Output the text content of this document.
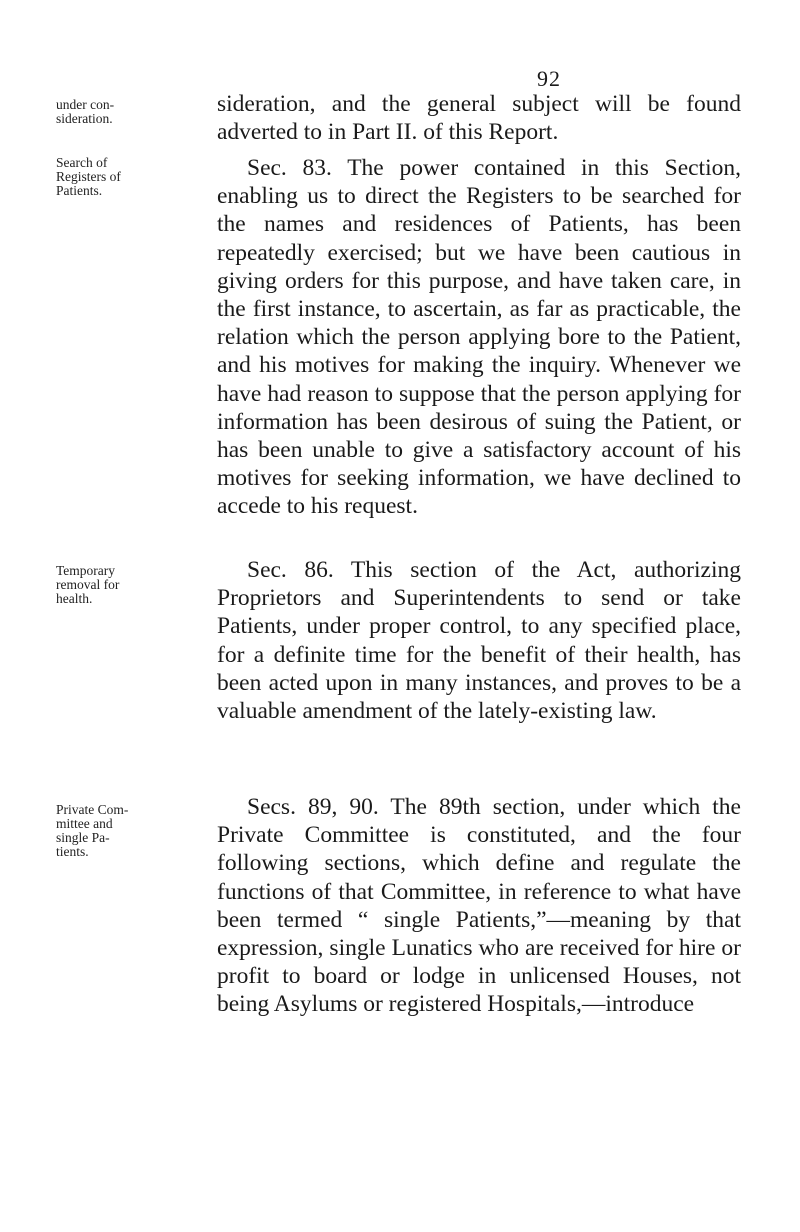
92
under con-
sideration.
Search of
Registers of
Patients.
Temporary
removal for
health.
Private Com-
mittee and
single Pa-
tients.

sideration, and the general subject will be found adverted to in Part II. of this Report.

Sec. 83. The power contained in this Section, enabling us to direct the Registers to be searched for the names and residences of Patients, has been repeatedly exercised; but we have been cautious in giving orders for this purpose, and have taken care, in the first instance, to ascertain, as far as practicable, the relation which the person applying bore to the Patient, and his motives for making the inquiry. Whenever we have had reason to suppose that the person applying for information has been desirous of suing the Patient, or has been unable to give a satisfactory account of his motives for seeking information, we have declined to accede to his request.

Sec. 86. This section of the Act, authorizing Proprietors and Superintendents to send or take Patients, under proper control, to any specified place, for a definite time for the benefit of their health, has been acted upon in many instances, and proves to be a valuable amendment of the lately-existing law.

Secs. 89, 90. The 89th section, under which the Private Committee is constituted, and the four following sections, which define and regulate the functions of that Committee, in reference to what have been termed “ single Patients,”—meaning by that expression, single Lunatics who are received for hire or profit to board or lodge in unlicensed Houses, not being Asylums or registered Hospitals,—introduce
